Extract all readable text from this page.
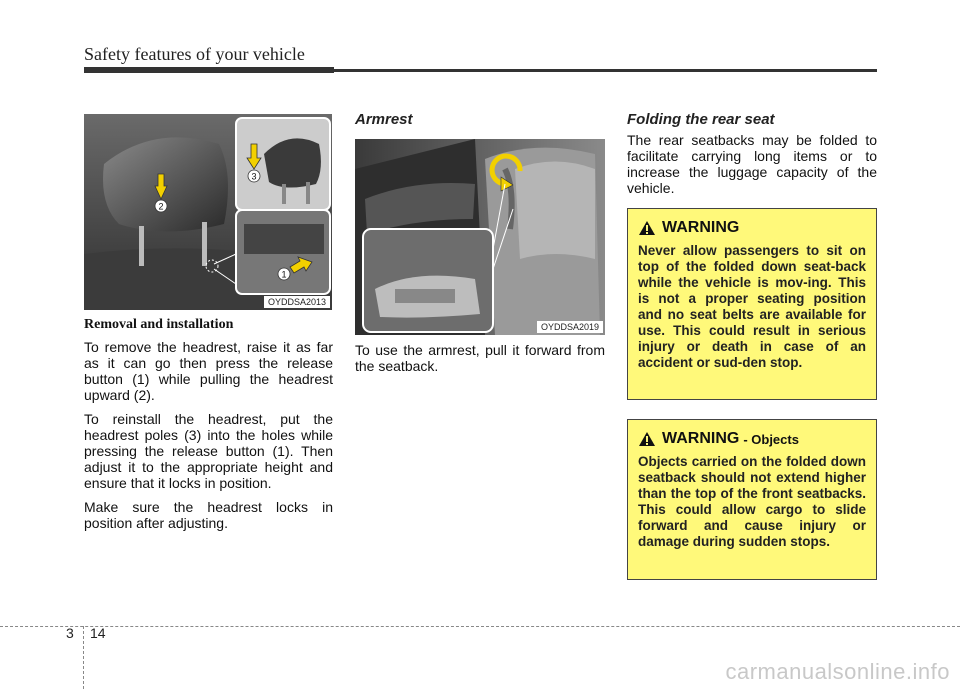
Safety features of your vehicle
2
3
1
OYDDSA2013

Removal and installation

To remove the headrest, raise it as far as it can go then press the release button (1) while pulling the headrest upward (2).

To reinstall the headrest, put the headrest poles (3) into the holes while pressing the release button (1). Then adjust it to the appropriate height and ensure that it locks in position.

Make sure the headrest locks in position after adjusting.

Armrest
OYDDSA2019

To use the armrest, pull it forward from the seatback.

Folding the rear seat

The rear seatbacks may be folded to facilitate carrying long items or to increase the luggage capacity of the vehicle.

WARNING
Never allow passengers to sit on top of the folded down seat-back while the vehicle is mov-ing. This is not a proper seating position and no seat belts are available for use. This could result in serious injury or death in case of an accident or sud-den stop.
WARNING - Objects
Objects carried on the folded down seatback should not extend higher than the top of the front seatbacks. This could allow cargo to slide forward and cause injury or damage during sudden stops.
3 14
carmanualsonline.info
